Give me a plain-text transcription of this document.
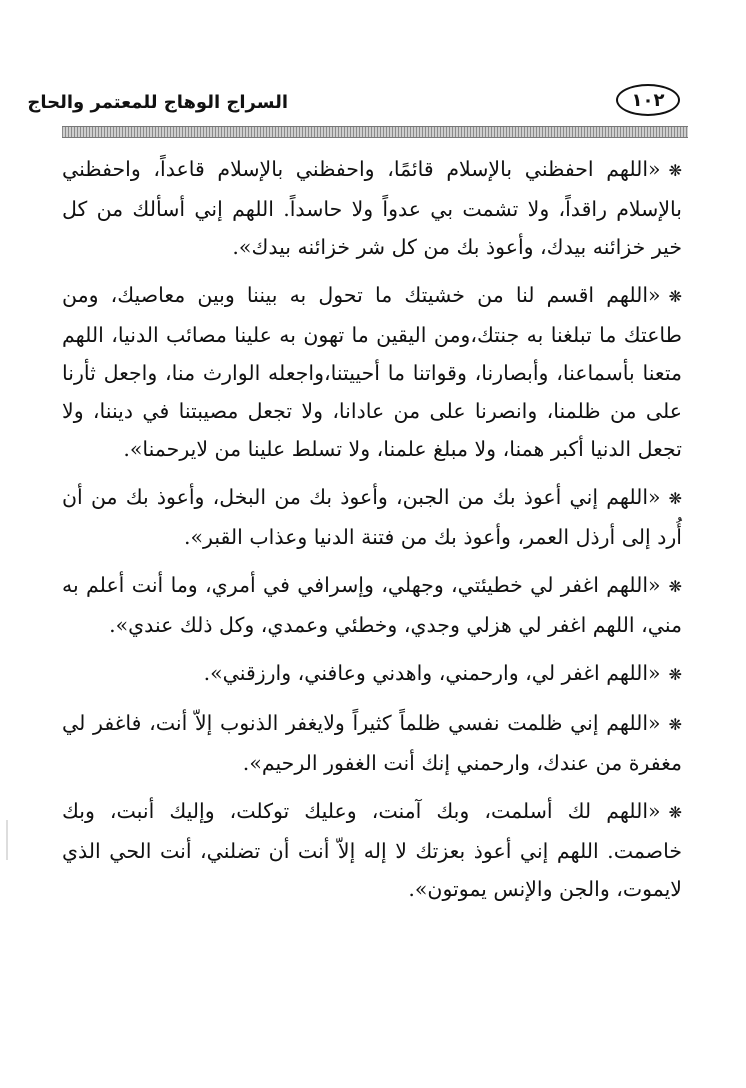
١٠٢
السراج الوهاج للمعتمر والحاج

❋«اللهم احفظني بالإسلام قائمًا، واحفظني بالإسلام قاعداً، واحفظني بالإسلام راقداً، ولا تشمت بي عدواً ولا حاسداً. اللهم إني أسألك من كل خير خزائنه بيدك، وأعوذ بك من كل شر خزائنه بيدك».

❋«اللهم اقسم لنا من خشيتك ما تحول به بيننا وبين معاصيك، ومن طاعتك ما تبلغنا به جنتك،ومن اليقين ما تهون به علينا مصائب الدنيا، اللهم متعنا بأسماعنا، وأبصارنا، وقواتنا ما أحييتنا،واجعله الوارث منا، واجعل ثأرنا على من ظلمنا، وانصرنا على من عادانا، ولا تجعل مصيبتنا في ديننا، ولا تجعل الدنيا أكبر همنا، ولا مبلغ علمنا، ولا تسلط علينا من لايرحمنا».

❋«اللهم إني أعوذ بك من الجبن، وأعوذ بك من البخل، وأعوذ بك من أن أُرد إلى أرذل العمر، وأعوذ بك من فتنة الدنيا وعذاب القبر».

❋«اللهم اغفر لي خطيئتي، وجهلي، وإسرافي في أمري، وما أنت أعلم به مني، اللهم اغفر لي هزلي وجدي، وخطئي وعمدي، وكل ذلك عندي».

❋«اللهم اغفر لي، وارحمني، واهدني وعافني، وارزقني».

❋«اللهم إني ظلمت نفسي ظلماً كثيراً ولايغفر الذنوب إلاّ أنت، فاغفر لي مغفرة من عندك، وارحمني إنك أنت الغفور الرحيم».

❋«اللهم لك أسلمت، وبك آمنت، وعليك توكلت، وإليك أنبت، وبك خاصمت. اللهم إني أعوذ بعزتك لا إله إلاّ أنت أن تضلني، أنت الحي الذي لايموت، والجن والإنس يموتون».
